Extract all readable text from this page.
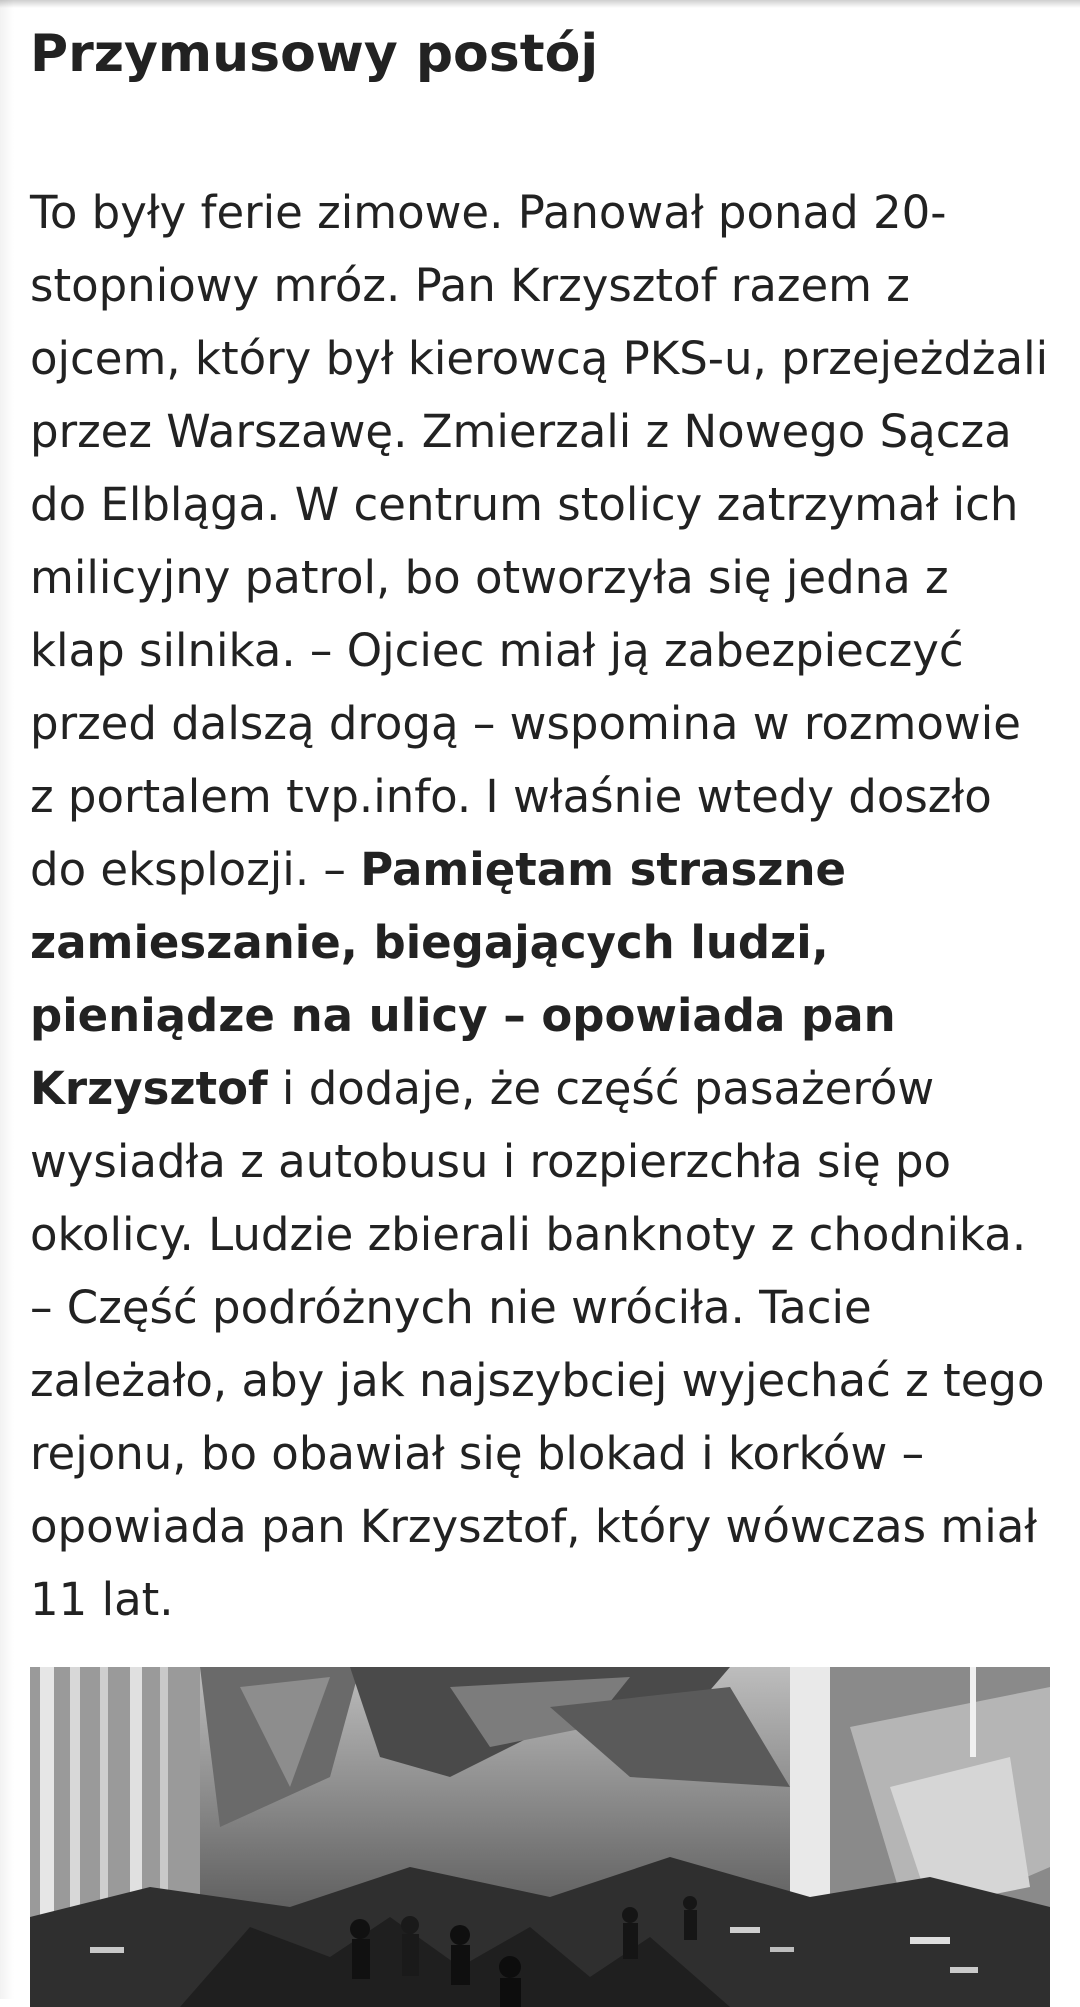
Przymusowy postój

To były ferie zimowe. Panował ponad 20-stopniowy mróz. Pan Krzysztof razem z ojcem, który był kierowcą PKS-u, przejeżdżali przez Warszawę. Zmierzali z Nowego Sącza do Elbląga. W centrum stolicy zatrzymał ich milicyjny patrol, bo otworzyła się jedna z klap silnika. – Ojciec miał ją zabezpieczyć przed dalszą drogą – wspomina w rozmowie z portalem tvp.info. I właśnie wtedy doszło do eksplozji. – Pamiętam straszne zamieszanie, biegających ludzi, pieniądze na ulicy – opowiada pan Krzysztof i dodaje, że część pasażerów wysiadła z autobusu i rozpierzchła się po okolicy. Ludzie zbierali banknoty z chodnika. – Część podróżnych nie wróciła. Tacie zależało, aby jak najszybciej wyjechać z tego rejonu, bo obawiał się blokad i korków – opowiada pan Krzysztof, który wówczas miał 11 lat.
